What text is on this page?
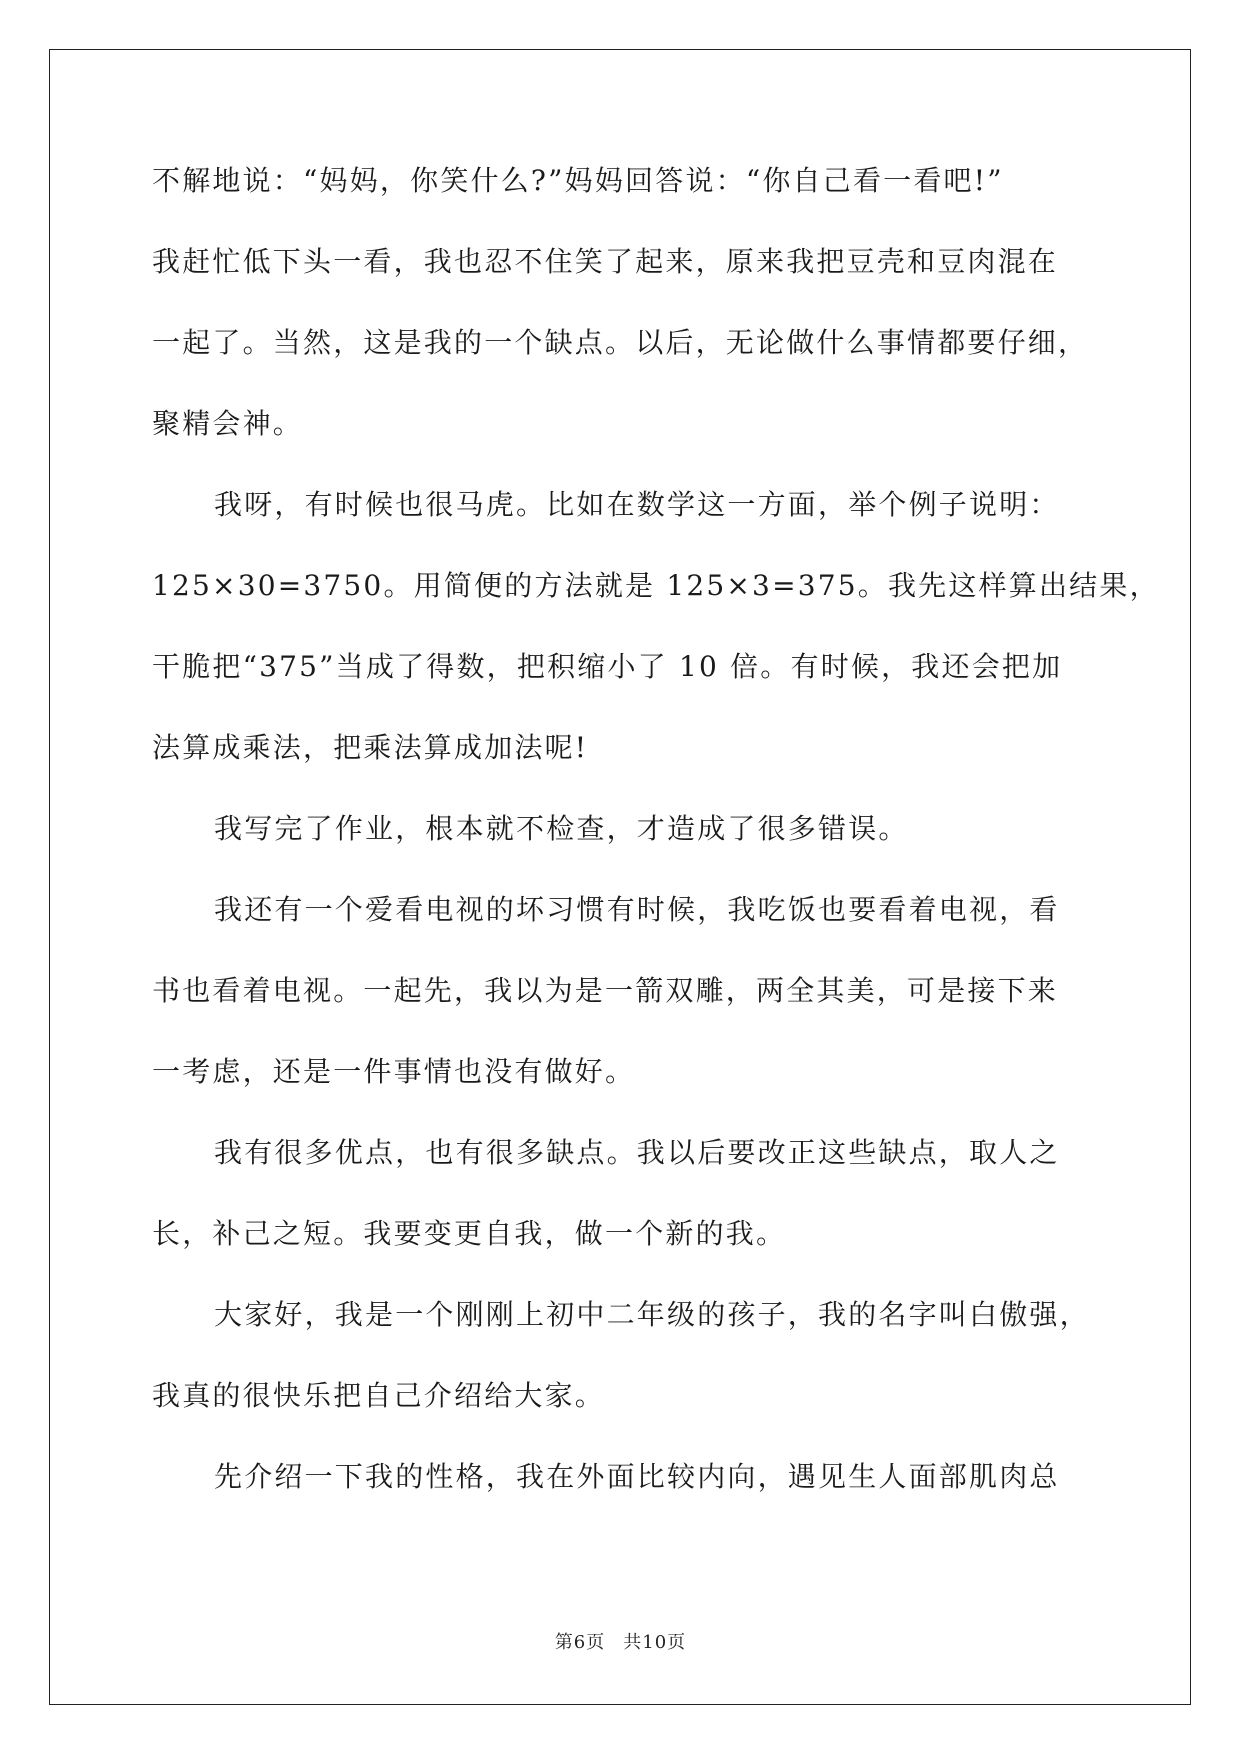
不解地说：“妈妈，你笑什么?”妈妈回答说：“你自己看一看吧!”
我赶忙低下头一看，我也忍不住笑了起来，原来我把豆壳和豆肉混在
一起了。当然，这是我的一个缺点。以后，无论做什么事情都要仔细，
聚精会神。
我呀，有时候也很马虎。比如在数学这一方面，举个例子说明：
125×30=3750。用简便的方法就是 125×3=375。我先这样算出结果，
干脆把“375”当成了得数，把积缩小了 10 倍。有时候，我还会把加
法算成乘法，把乘法算成加法呢!
我写完了作业，根本就不检查，才造成了很多错误。
我还有一个爱看电视的坏习惯有时候，我吃饭也要看着电视，看
书也看着电视。一起先，我以为是一箭双雕，两全其美，可是接下来
一考虑，还是一件事情也没有做好。
我有很多优点，也有很多缺点。我以后要改正这些缺点，取人之
长，补己之短。我要变更自我，做一个新的我。
大家好，我是一个刚刚上初中二年级的孩子，我的名字叫白傲强，
我真的很快乐把自己介绍给大家。
先介绍一下我的性格，我在外面比较内向，遇见生人面部肌肉总
第6页 共10页
